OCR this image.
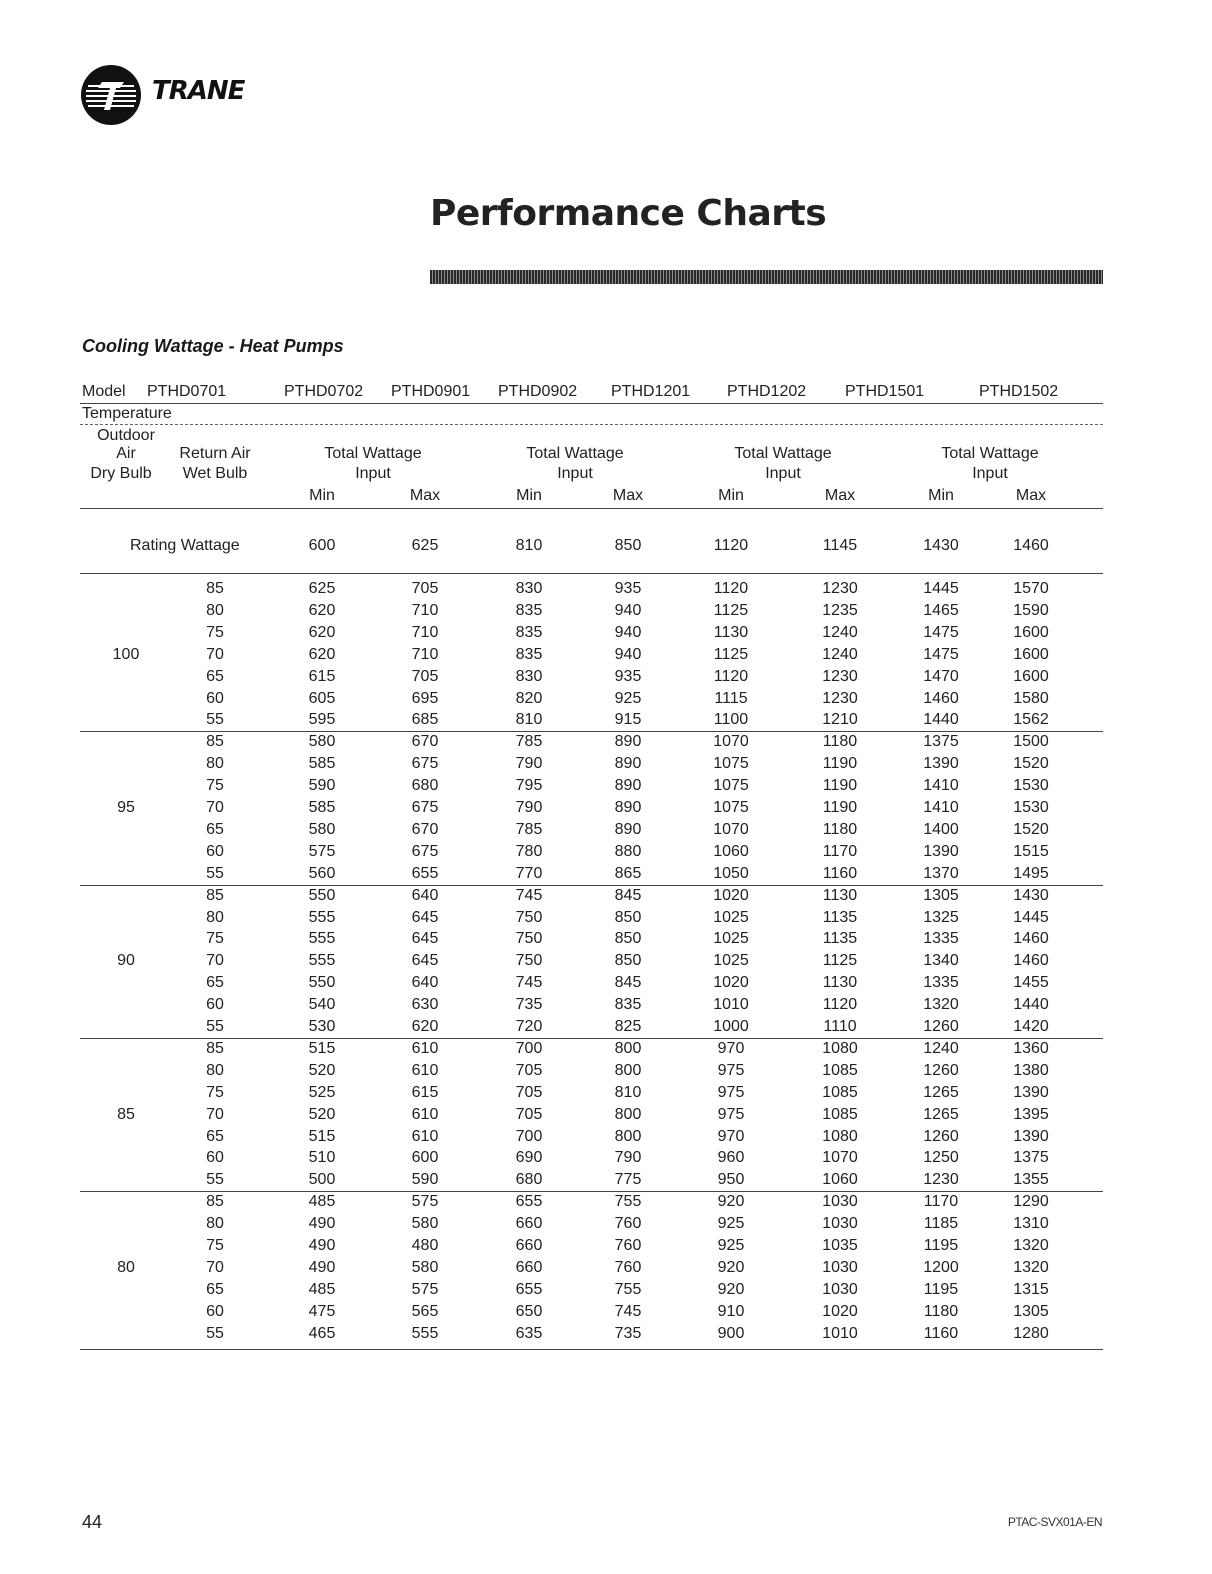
TRANE
Performance Charts
Cooling Wattage - Heat Pumps
Model PTHD0701	PTHD0702 PTHD0901 PTHD0902 PTHD1201 PTHD1202 PTHD1501	PTHD1502
Temperature
Outdoor
Air
Dry Bulb
Return Air
Wet Bulb
Total Wattage
Input
Total Wattage
Input
Total Wattage
Input
Total Wattage
Input
Min	Max	Min	Max	Min	Max	Min	Max
Rating Wattage	600	625	810	850	1120	1145	1430	1460
100
85	625	705	830	935	1120	1230	1445	1570
80	620	710	835	940	1125	1235	1465	1590
75	620	710	835	940	1130	1240	1475	1600
70	620	710	835	940	1125	1240	1475	1600
65	615	705	830	935	1120	1230	1470	1600
60	605	695	820	925	1115	1230	1460	1580
55	595	685	810	915	1100	1210	1440	1562
95
85	580	670	785	890	1070	1180	1375	1500
80	585	675	790	890	1075	1190	1390	1520
75	590	680	795	890	1075	1190	1410	1530
70	585	675	790	890	1075	1190	1410	1530
65	580	670	785	890	1070	1180	1400	1520
60	575	675	780	880	1060	1170	1390	1515
55	560	655	770	865	1050	1160	1370	1495
90
85	550	640	745	845	1020	1130	1305	1430
80	555	645	750	850	1025	1135	1325	1445
75	555	645	750	850	1025	1135	1335	1460
70	555	645	750	850	1025	1125	1340	1460
65	550	640	745	845	1020	1130	1335	1455
60	540	630	735	835	1010	1120	1320	1440
55	530	620	720	825	1000	1110	1260	1420
85
85	515	610	700	800	970	1080	1240	1360
80	520	610	705	800	975	1085	1260	1380
75	525	615	705	810	975	1085	1265	1390
70	520	610	705	800	975	1085	1265	1395
65	515	610	700	800	970	1080	1260	1390
60	510	600	690	790	960	1070	1250	1375
55	500	590	680	775	950	1060	1230	1355
80
85	485	575	655	755	920	1030	1170	1290
80	490	580	660	760	925	1030	1185	1310
75	490	480	660	760	925	1035	1195	1320
70	490	580	660	760	920	1030	1200	1320
65	485	575	655	755	920	1030	1195	1315
60	475	565	650	745	910	1020	1180	1305
55	465	555	635	735	900	1010	1160	1280
44	PTAC-SVX01A-EN
